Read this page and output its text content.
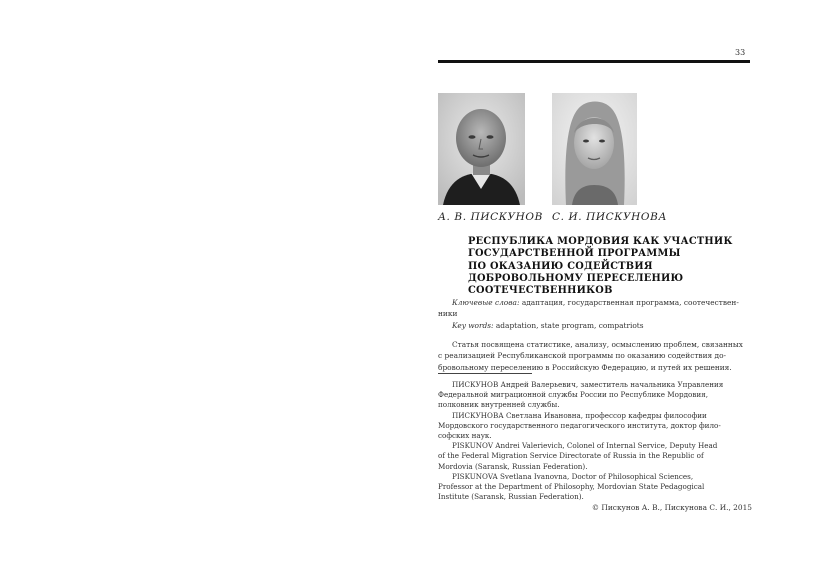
33
А. В. ПИСКУНОВ С. И. ПИСКУНОВА
РЕСПУБЛИКА МОРДОВИЯ КАК УЧАСТНИК
ГОСУДАРСТВЕННОЙ ПРОГРАММЫ
ПО ОКАЗАНИЮ СОДЕЙСТВИЯ
ДОБРОВОЛЬНОМУ ПЕРЕСЕЛЕНИЮ
СООТЕЧЕСТВЕННИКОВ
Ключевые слова: адаптация, государственная программа, соотечествен-
ники
Key words: adaptation, state program, compatriots
Статья посвящена статистике, анализу, осмыслению проблем, связанных
с реализацией Республиканской программы по оказанию содействия до-
бровольному переселению в Российскую Федерацию, и путей их решения.
ПИСКУНОВ Андрей Валерьевич, заместитель начальника Управления
Федеральной миграционной службы России по Республике Мордовия,
полковник внутренней службы.
ПИСКУНОВА Светлана Ивановна, профессор кафедры философии
Мордовского государственного педагогического института, доктор фило-
софских наук.
PISKUNOV Andrei Valerievich, Colonel of Internal Service, Deputy Head
of the Federal Migration Service Directorate of Russia in the Republic of
Mordovia (Saransk, Russian Federation).
PISKUNOVA Svetlana Ivanovna, Doctor of Philosophical Sciences,
Professor at the Department of Philosophy, Mordovian State Pedagogical
Institute (Saransk, Russian Federation).
© Пискунов А. В., Пискунова С. И., 2015
